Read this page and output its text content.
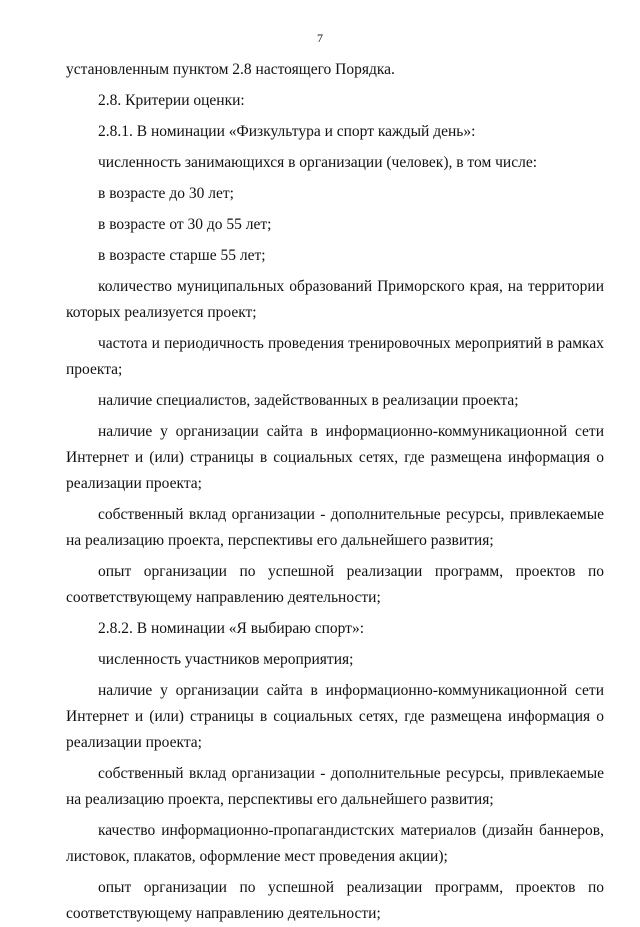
7

установленным пунктом 2.8 настоящего Порядка.

2.8. Критерии оценки:

2.8.1. В номинации «Физкультура и спорт каждый день»:

численность занимающихся в организации (человек), в том числе:

в возрасте до 30 лет;

в возрасте от 30 до 55 лет;

в возрасте старше 55 лет;

количество муниципальных образований Приморского края, на территории которых реализуется проект;

частота и периодичность проведения тренировочных мероприятий в рамках проекта;

наличие специалистов, задействованных в реализации проекта;

наличие у организации сайта в информационно-коммуникационной сети Интернет и (или) страницы в социальных сетях, где размещена информация о реализации проекта;

собственный вклад организации - дополнительные ресурсы, привлекаемые на реализацию проекта, перспективы его дальнейшего развития;

опыт организации по успешной реализации программ, проектов по соответствующему направлению деятельности;

2.8.2. В номинации «Я выбираю спорт»:

численность участников мероприятия;

наличие у организации сайта в информационно-коммуникационной сети Интернет и (или) страницы в социальных сетях, где размещена информация о реализации проекта;

собственный вклад организации - дополнительные ресурсы, привлекаемые на реализацию проекта, перспективы его дальнейшего развития;

качество информационно-пропагандистских материалов (дизайн баннеров, листовок, плакатов, оформление мест проведения акции);

опыт организации по успешной реализации программ, проектов по соответствующему направлению деятельности;
